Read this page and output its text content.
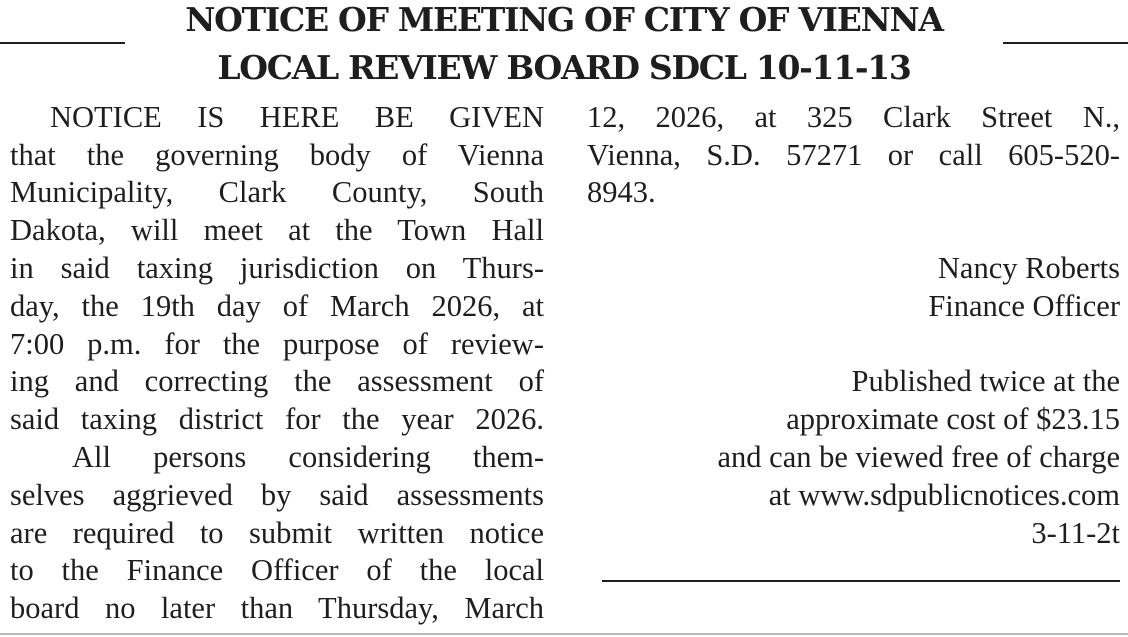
NOTICE OF MEETING OF CITY OF VIENNA
LOCAL REVIEW BOARD SDCL 10-11-13
NOTICE IS HERE BE GIVEN
that the governing body of Vienna
Municipality, Clark County, South
Dakota, will meet at the Town Hall
in said taxing jurisdiction on Thurs-
day, the 19th day of March 2026, at
7:00 p.m. for the purpose of review-
ing and correcting the assessment of
said taxing district for the year 2026.
All persons considering them-
selves aggrieved by said assessments
are required to submit written notice
to the Finance Officer of the local
board no later than Thursday, March
12, 2026, at 325 Clark Street N.,
Vienna, S.D. 57271 or call 605-520-
8943.
Nancy Roberts
Finance Officer
Published twice at the
approximate cost of $23.15
and can be viewed free of charge
at www.sdpublicnotices.com
3-11-2t
